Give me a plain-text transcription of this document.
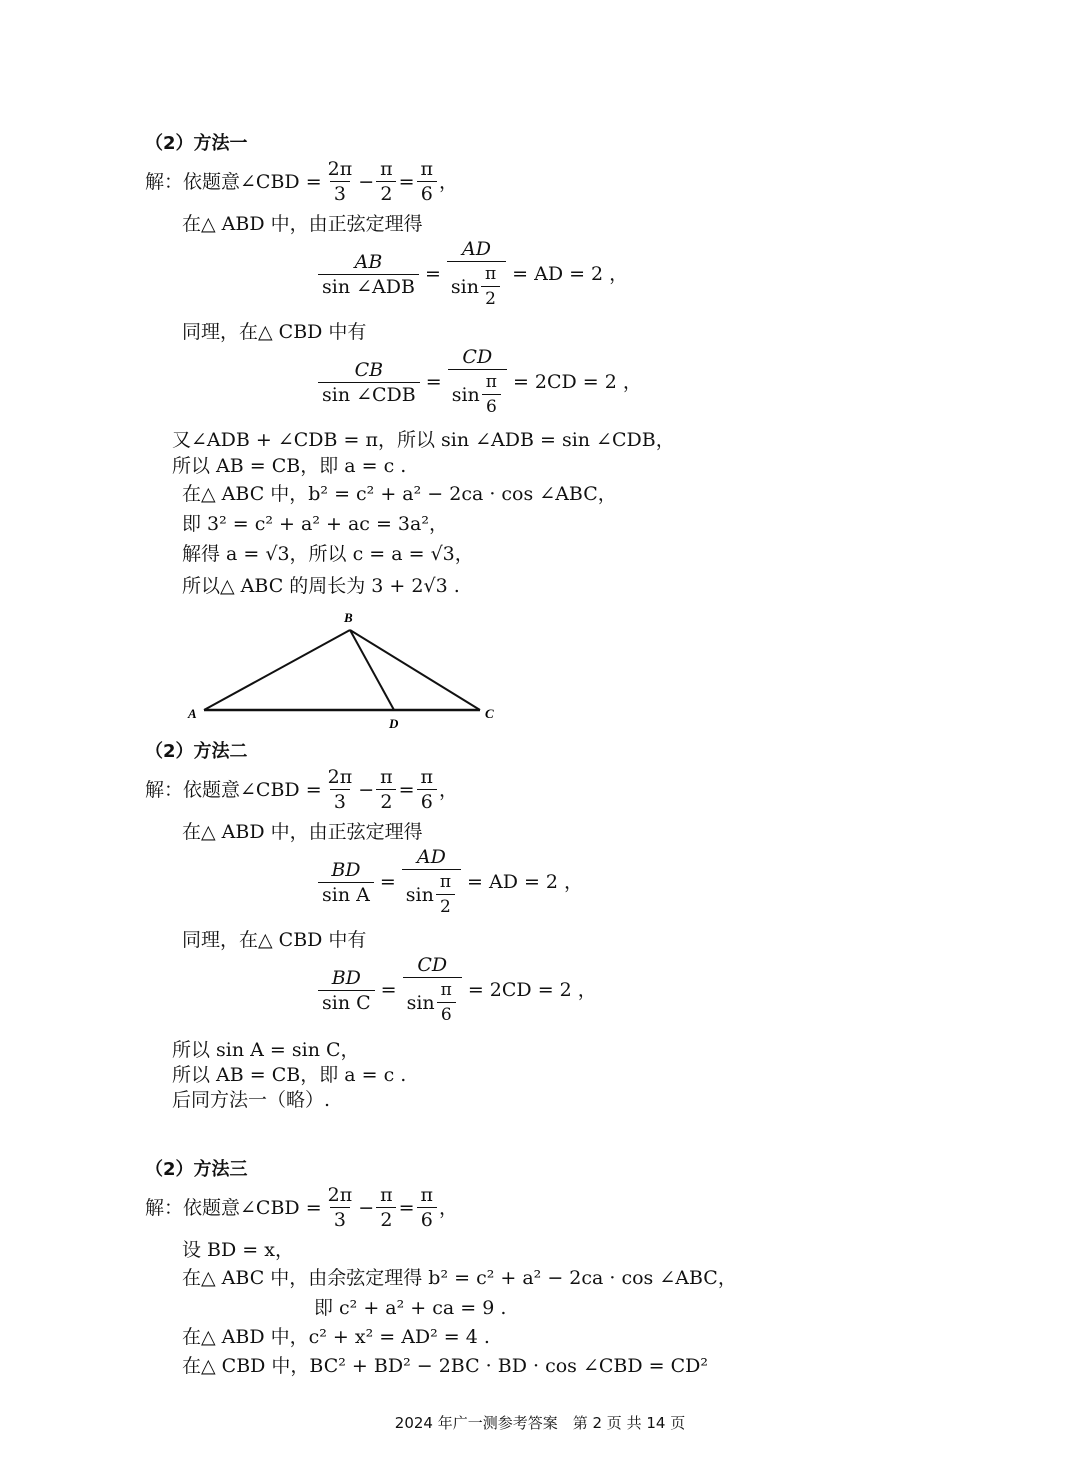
（2）方法一
解：依题意∠CBD = $\frac{2\pi}{3} - \frac{\pi}{2} = \frac{\pi}{6}$ ，
在△ ABD 中，由正弦定理得
$\frac{AB}{\text{sin ∠ADB}} = \frac{AD}{\sin \frac{\pi}{2}}$ = AD = 2 ，
同理，在△ CBD 中有
$\frac{CB}{\text{sin ∠CDB}} = \frac{CD}{\sin \frac{\pi}{6}} = 2CD = 2$ ，
又∠ADB + ∠CDB = π，所以 sin ∠ADB = sin ∠CDB，
所以 AB = CB，即 a = c .
在△ ABC 中，b² = c² + a² − 2ca · cos ∠ABC，
即 3² = c² + a² + ac = 3a²，
解得 a = √3，所以 c = a = √3，
所以△ ABC 的周长为 3 + 2√3 .
A
B
C
D
（2）方法二
解：依题意∠CBD = $\frac{2\pi}{3} - \frac{\pi}{2} = \frac{\pi}{6}$ ，
在△ ABD 中，由正弦定理得
$\frac{BD}{\text{sin A}} = \frac{AD}{\sin \frac{\pi}{2}}$ = AD = 2 ，
同理，在△ CBD 中有
$\frac{BD}{\text{sin C}} = \frac{CD}{\sin \frac{\pi}{6}} = 2CD = 2$ ，
所以 sin A = sin C，
所以 AB = CB，即 a = c .
后同方法一（略）.
（2）方法三
解：依题意∠CBD = $\frac{2\pi}{3} - \frac{\pi}{2} = \frac{\pi}{6}$ ，
设 BD = x，
在△ ABC 中，由余弦定理得 b² = c² + a² − 2ca · cos ∠ABC，
即 c² + a² + ca = 9 .
在△ ABD 中，c² + x² = AD² = 4 .
在△ CBD 中，BC² + BD² − 2BC · BD · cos ∠CBD = CD²
2024 年广一测参考答案　第 2 页 共 14 页
